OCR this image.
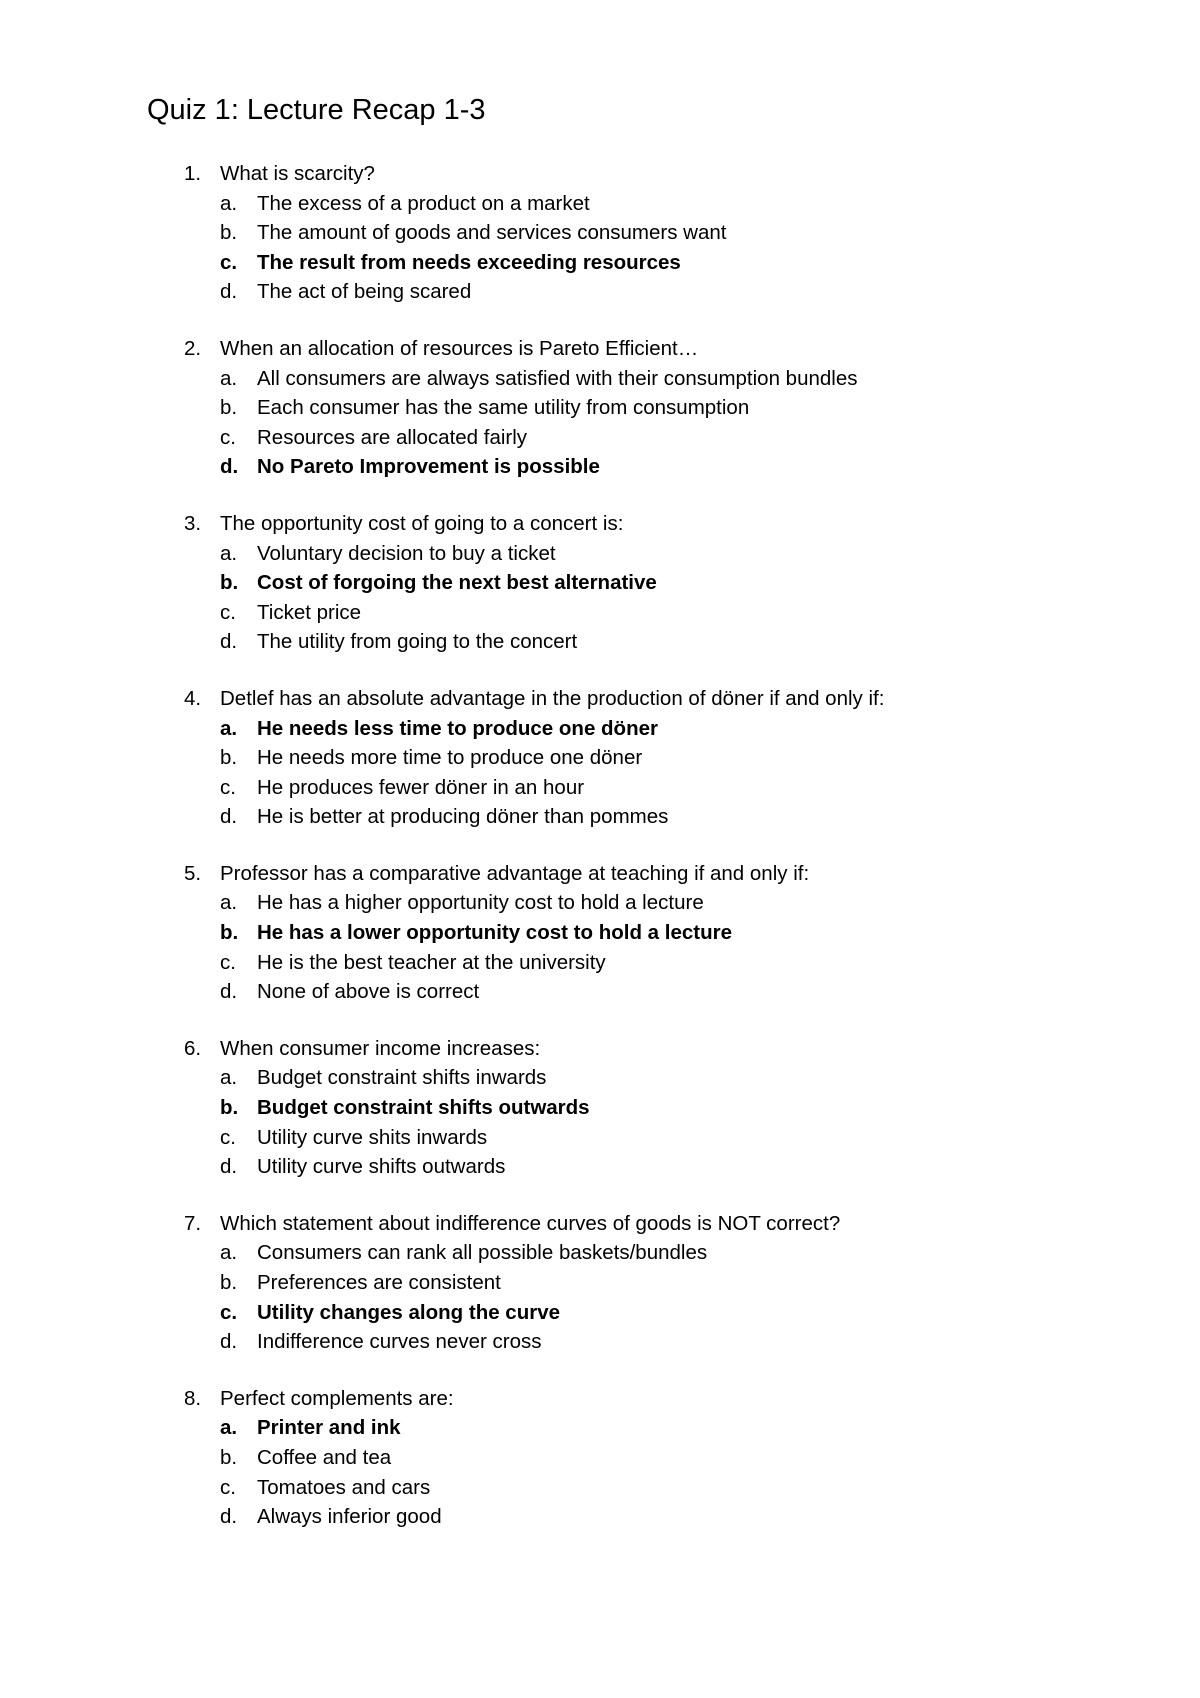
Quiz 1: Lecture Recap 1-3
1. What is scarcity?
a. The excess of a product on a market
b. The amount of goods and services consumers want
c. The result from needs exceeding resources
d. The act of being scared
2. When an allocation of resources is Pareto Efficient…
a. All consumers are always satisfied with their consumption bundles
b. Each consumer has the same utility from consumption
c.	Resources are allocated fairly
d. No Pareto Improvement is possible
3. The opportunity cost of going to a concert is:
a. Voluntary decision to buy a ticket
b. Cost of forgoing the next best alternative
c.	Ticket price
d. The utility from going to the concert
4. Detlef has an absolute advantage in the production of döner if and only if:
a. He needs less time to produce one döner
b. He needs more time to produce one döner
c.	He produces fewer döner in an hour
d. He is better at producing döner than pommes
5. Professor has a comparative advantage at teaching if and only if:
a. He has a higher opportunity cost to hold a lecture
b. He has a lower opportunity cost to hold a lecture
c.	He is the best teacher at the university
d. None of above is correct
6. When consumer income increases:
a. Budget constraint shifts inwards
b. Budget constraint shifts outwards
c.	Utility curve shits inwards
d. Utility curve shifts outwards
7. Which statement about indifference curves of goods is NOT correct?
a. Consumers can rank all possible baskets/bundles
b. Preferences are consistent
c. Utility changes along the curve
d. Indifference curves never cross
8. Perfect complements are:
a. Printer and ink
b. Coffee and tea
c.	Tomatoes and cars
d. Always inferior good
